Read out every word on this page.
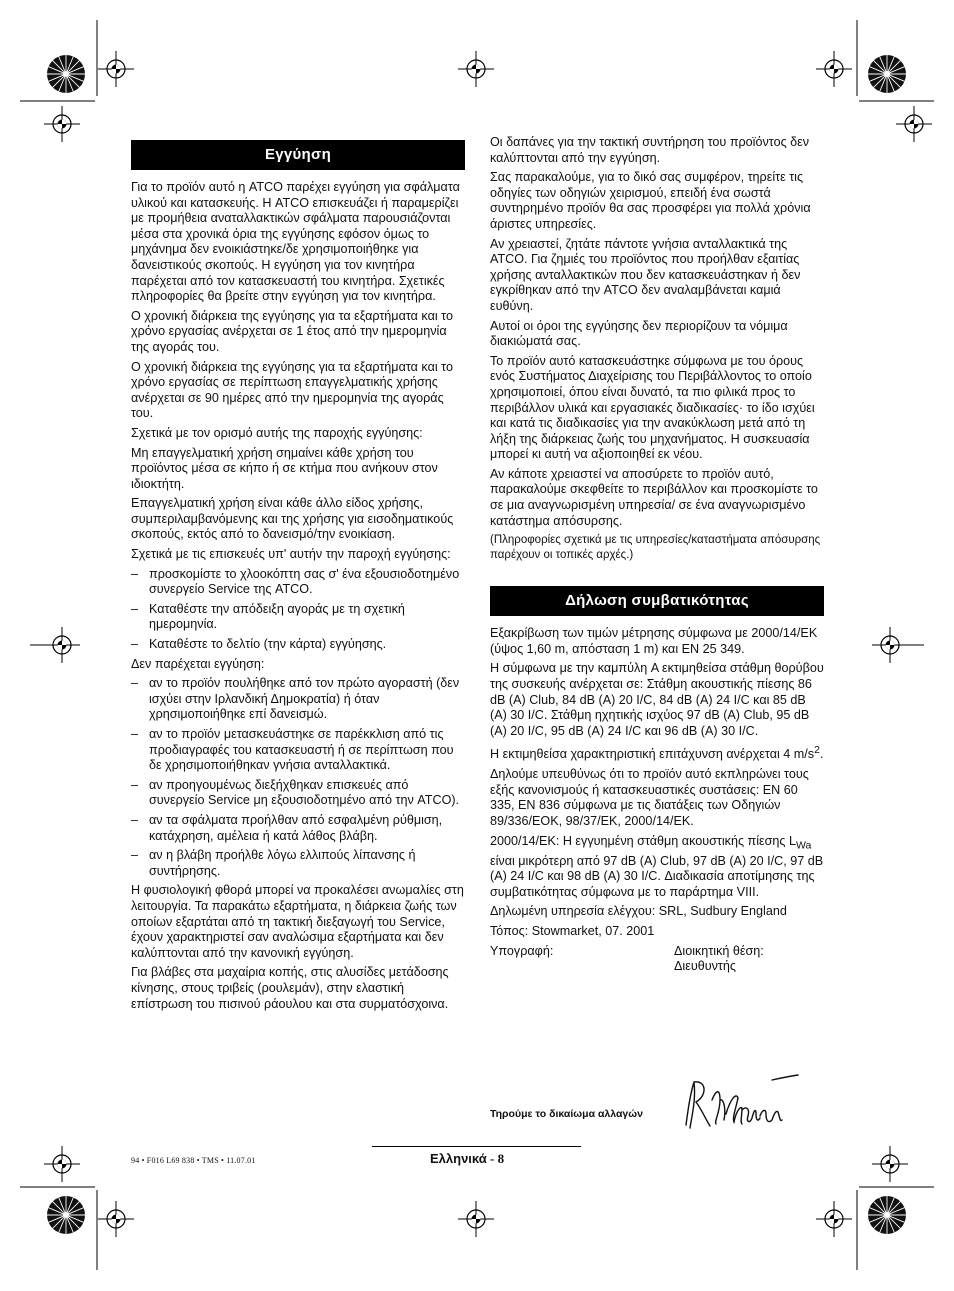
Εγγύηση

Για το προϊόν αυτό η ATCO παρέχει εγγύηση για σφάλματα υλικού και κατασκευής. Η ATCO επισκευάζει ή παραμερίζει με προμήθεια αναταλλακτικών σφάλματα παρουσιάζονται μέσα στα χρονικά όρια της εγγύησης εφόσον όμως το μηχάνημα δεν ενοικιάστηκε/δε χρησιμοποιήθηκε για δανειστικούς σκοπούς. Η εγγύηση για τον κινητήρα παρέχεται από τον κατασκευαστή του κινητήρα. Σχετικές πληροφορίες θα βρείτε στην εγγύηση για τον κινητήρα.

Ο χρονική διάρκεια της εγγύησης για τα εξαρτήματα και το χρόνο εργασίας ανέρχεται σε 1 έτος από την ημερομηνία της αγοράς του.

Ο χρονική διάρκεια της εγγύησης για τα εξαρτήματα και το χρόνο εργασίας σε περίπτωση επαγγελματικής χρήσης ανέρχεται σε 90 ημέρες από την ημερομηνία της αγοράς του.

Σχετικά με τον ορισμό αυτής της παροχής εγγύησης:

Μη επαγγελματική χρήση σημαίνει κάθε χρήση του προϊόντος μέσα σε κήπο ή σε κτήμα που ανήκουν στον ιδιοκτήτη.

Επαγγελματική χρήση είναι κάθε άλλο είδος χρήσης, συμπεριλαμβανόμενης και της χρήσης για εισοδηματικούς σκοπούς, εκτός από το δανεισμό/την ενοικίαση.

Σχετικά με τις επισκευές υπ' αυτήν την παροχή εγγύησης:

– προσκομίστε το χλοοκόπτη σας σ' ένα εξουσιοδοτημένο συνεργείο Service της ATCO.
– Καταθέστε την απόδειξη αγοράς με τη σχετική ημερομηνία.
– Καταθέστε το δελτίο (την κάρτα) εγγύησης.

Δεν παρέχεται εγγύηση:

– αν το προϊόν πουλήθηκε από τον πρώτο αγοραστή (δεν ισχύει στην Ιρλανδική Δημοκρατία) ή όταν χρησιμοποιήθηκε επί δανεισμώ.
– αν το προϊόν μετασκευάστηκε σε παρέκκλιση από τις προδιαγραφές του κατασκευαστή ή σε περίπτωση που δε χρησιμοποιήθηκαν γνήσια ανταλλακτικά.
– αν προηγουμένως διεξήχθηκαν επισκευές από συνεργείο Service μη εξουσιοδοτημένο από την ATCO).
– αν τα σφάλματα προήλθαν από εσφαλμένη ρύθμιση, κατάχρηση, αμέλεια ή κατά λάθος βλάβη.
– αν η βλάβη προήλθε λόγω ελλιπούς λίπανσης ή συντήρησης.

Η φυσιολογική φθορά μπορεί να προκαλέσει ανωμαλίες στη λειτουργία. Τα παρακάτω εξαρτήματα, η διάρκεια ζωής των οποίων εξαρτάται από τη τακτική διεξαγωγή του Service, έχουν χαρακτηριστεί σαν αναλώσιμα εξαρτήματα και δεν καλύπτονται από την κανονική εγγύηση.

Για βλάβες στα μαχαίρια κοπής, στις αλυσίδες μετάδοσης κίνησης, στους τριβείς (ρουλεμάν), στην ελαστική επίστρωση του πισινού ράουλου και στα συρματόσχοινα.

Οι δαπάνες για την τακτική συντήρηση του προϊόντος δεν καλύπτονται από την εγγύηση.

Σας παρακαλούμε, για το δικό σας συμφέρον, τηρείτε τις οδηγίες των οδηγιών χειρισμού, επειδή ένα σωστά συντηρημένο προϊόν θα σας προσφέρει για πολλά χρόνια άριστες υπηρεσίες.

Αν χρειαστεί, ζητάτε πάντοτε γνήσια ανταλλακτικά της ATCO. Για ζημιές του προϊόντος που προήλθαν εξαιτίας χρήσης ανταλλακτικών που δεν κατασκευάστηκαν ή δεν εγκρίθηκαν από την ATCO δεν αναλαμβάνεται καμιά ευθύνη.

Αυτοί οι όροι της εγγύησης δεν περιορίζουν τα νόμιμα διακιώματά σας.

Το προϊόν αυτό κατασκευάστηκε σύμφωνα με του όρους ενός Συστήματος Διαχείρισης του Περιβάλλοντος το οποίο χρησιμοποιεί, όπου είναι δυνατό, τα πιο φιλικά προς το περιβάλλον υλικά και εργασιακές διαδικασίες· το ίδο ισχύει και κατά τις διαδικασίες για την ανακύκλωση μετά από τη λήξη της διάρκειας ζωής του μηχανήματος. Η συσκευασία μπορεί κι αυτή να αξιοποιηθεί εκ νέου.

Αν κάποτε χρειαστεί να αποσύρετε το προϊόν αυτό, παρακαλούμε σκεφθείτε το περιβάλλον και προσκομίστε το σε μια αναγνωρισμένη υπηρεσία/ σε ένα αναγνωρισμένο κατάστημα απόσυρσης.

(Πληροφορίες σχετικά με τις υπηρεσίες/καταστήματα απόσυρσης παρέχουν οι τοπικές αρχές.)

Δήλωση συμβατικότητας

Εξακρίβωση των τιμών μέτρησης σύμφωνα με 2000/14/ΕΚ (ύψος 1,60 m, απόσταση 1 m) και EN 25 349.

Η σύμφωνα με την καμπύλη A εκτιμηθείσα στάθμη θορύβου της συσκευής ανέρχεται σε: Στάθμη ακουστικής πίεσης 86 dB (A) Club, 84 dB (A) 20 I/C, 84 dB (A) 24 I/C και 85 dB (A) 30 I/C. Στάθμη ηχητικής ισχύος 97 dB (A) Club, 95 dB (A) 20 I/C, 95 dB (A) 24 I/C και 96 dB (A) 30 I/C.

Η εκτιμηθείσα χαρακτηριστική επιτάχυνση ανέρχεται 4 $m/s^2$.

Δηλούμε υπευθύνως ότι το προϊόν αυτό εκπληρώνει τους εξής κανονισμούς ή κατασκευαστικές συστάσεις: EN 60 335, EN 836 σύμφωνα με τις διατάξεις των Οδηγιών 89/336/EOK, 98/37/EK, 2000/14/EK.

2000/14/ΕΚ: Η εγγυημένη στάθμη ακουστικής πίεσης $L_{Wa}$ είναι μικρότερη από 97 dB (A) Club, 97 dB (A) 20 I/C, 97 dB (A) 24 I/C και 98 dB (A) 30 I/C. Διαδικασία αποτίμησης της συμβατικότητας σύμφωνα με το παράρτημα VIII.

Δηλωμένη υπηρεσία ελέγχου: SRL, Sudbury England

Τόπος: Stowmarket, 07. 2001

Υπογραφή:	Διοικητική θέση:
Διευθυντής
Τηρούμε το δικαίωμα αλλαγών
Ελληνικά - 8
94 • F016 L69 838 • TMS • 11.07.01
